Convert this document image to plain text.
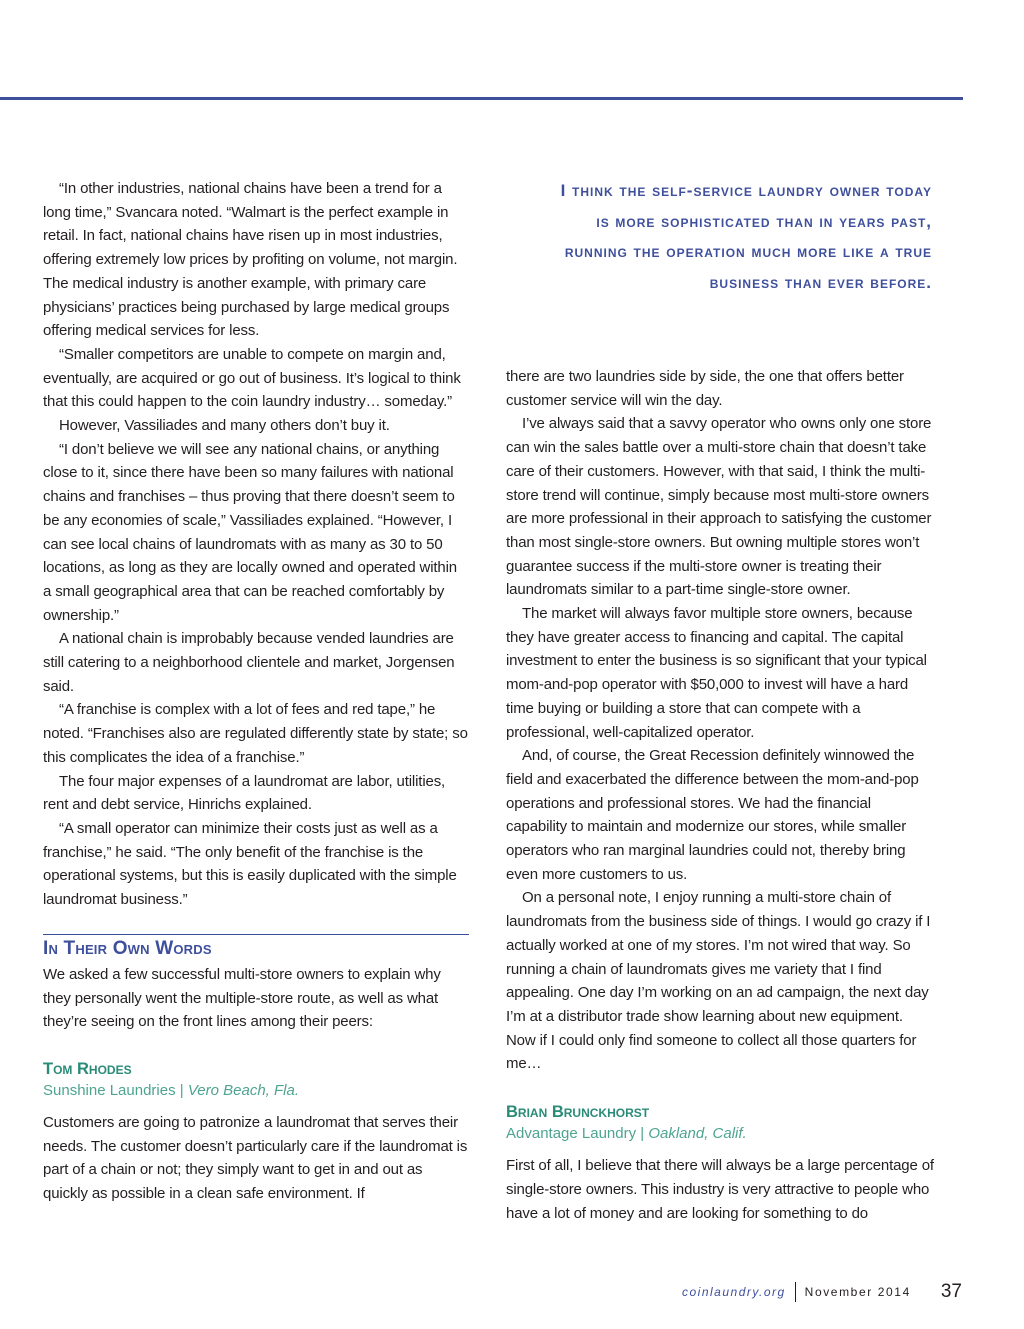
“In other industries, national chains have been a trend for a long time,” Svancara noted. “Walmart is the perfect example in retail. In fact, national chains have risen up in most industries, offering extremely low prices by profiting on volume, not margin. The medical industry is another example, with primary care physicians’ practices being purchased by large medical groups offering medical services for less.

“Smaller competitors are unable to compete on margin and, eventually, are acquired or go out of business. It’s logical to think that this could happen to the coin laundry industry… someday.”

However, Vassiliades and many others don’t buy it.

“I don’t believe we will see any national chains, or anything close to it, since there have been so many failures with national chains and franchises – thus proving that there doesn’t seem to be any economies of scale,” Vassiliades explained. “However, I can see local chains of laundromats with as many as 30 to 50 locations, as long as they are locally owned and operated within a small geographical area that can be reached comfortably by ownership.”

A national chain is improbably because vended laundries are still catering to a neighborhood clientele and market, Jorgensen said.

“A franchise is complex with a lot of fees and red tape,” he noted. “Franchises also are regulated differently state by state; so this complicates the idea of a franchise.”

The four major expenses of a laundromat are labor, utilities, rent and debt service, Hinrichs explained.

“A small operator can minimize their costs just as well as a franchise,” he said. “The only benefit of the franchise is the operational systems, but this is easily duplicated with the simple laundromat business.”

In Their Own Words

We asked a few successful multi-store owners to explain why they personally went the multiple-store route, as well as what they’re seeing on the front lines among their peers:

Tom Rhodes

Sunshine Laundries | Vero Beach, Fla.

Customers are going to patronize a laundromat that serves their needs. The customer doesn’t particularly care if the laundromat is part of a chain or not; they simply want to get in and out as quickly as possible in a clean safe environment. If

I think the self-service laundry owner today is more sophisticated than in years past, running the operation much more like a true business than ever before.

there are two laundries side by side, the one that offers better customer service will win the day.

I’ve always said that a savvy operator who owns only one store can win the sales battle over a multi-store chain that doesn’t take care of their customers. However, with that said, I think the multi-store trend will continue, simply because most multi-store owners are more professional in their approach to satisfying the customer than most single-store owners. But owning multiple stores won’t guarantee success if the multi-store owner is treating their laundromats similar to a part-time single-store owner.

The market will always favor multiple store owners, because they have greater access to financing and capital. The capital investment to enter the business is so significant that your typical mom-and-pop operator with $50,000 to invest will have a hard time buying or building a store that can compete with a professional, well-capitalized operator.

And, of course, the Great Recession definitely winnowed the field and exacerbated the difference between the mom-and-pop operations and professional stores. We had the financial capability to maintain and modernize our stores, while smaller operators who ran marginal laundries could not, thereby bring even more customers to us.

On a personal note, I enjoy running a multi-store chain of laundromats from the business side of things. I would go crazy if I actually worked at one of my stores. I’m not wired that way. So running a chain of laundromats gives me variety that I find appealing. One day I’m working on an ad campaign, the next day I’m at a distributor trade show learning about new equipment. Now if I could only find someone to collect all those quarters for me…

Brian Brunckhorst

Advantage Laundry | Oakland, Calif.

First of all, I believe that there will always be a large percentage of single-store owners. This industry is very attractive to people who have a lot of money and are looking for something to do

coinlaundry.org November 2014 37
